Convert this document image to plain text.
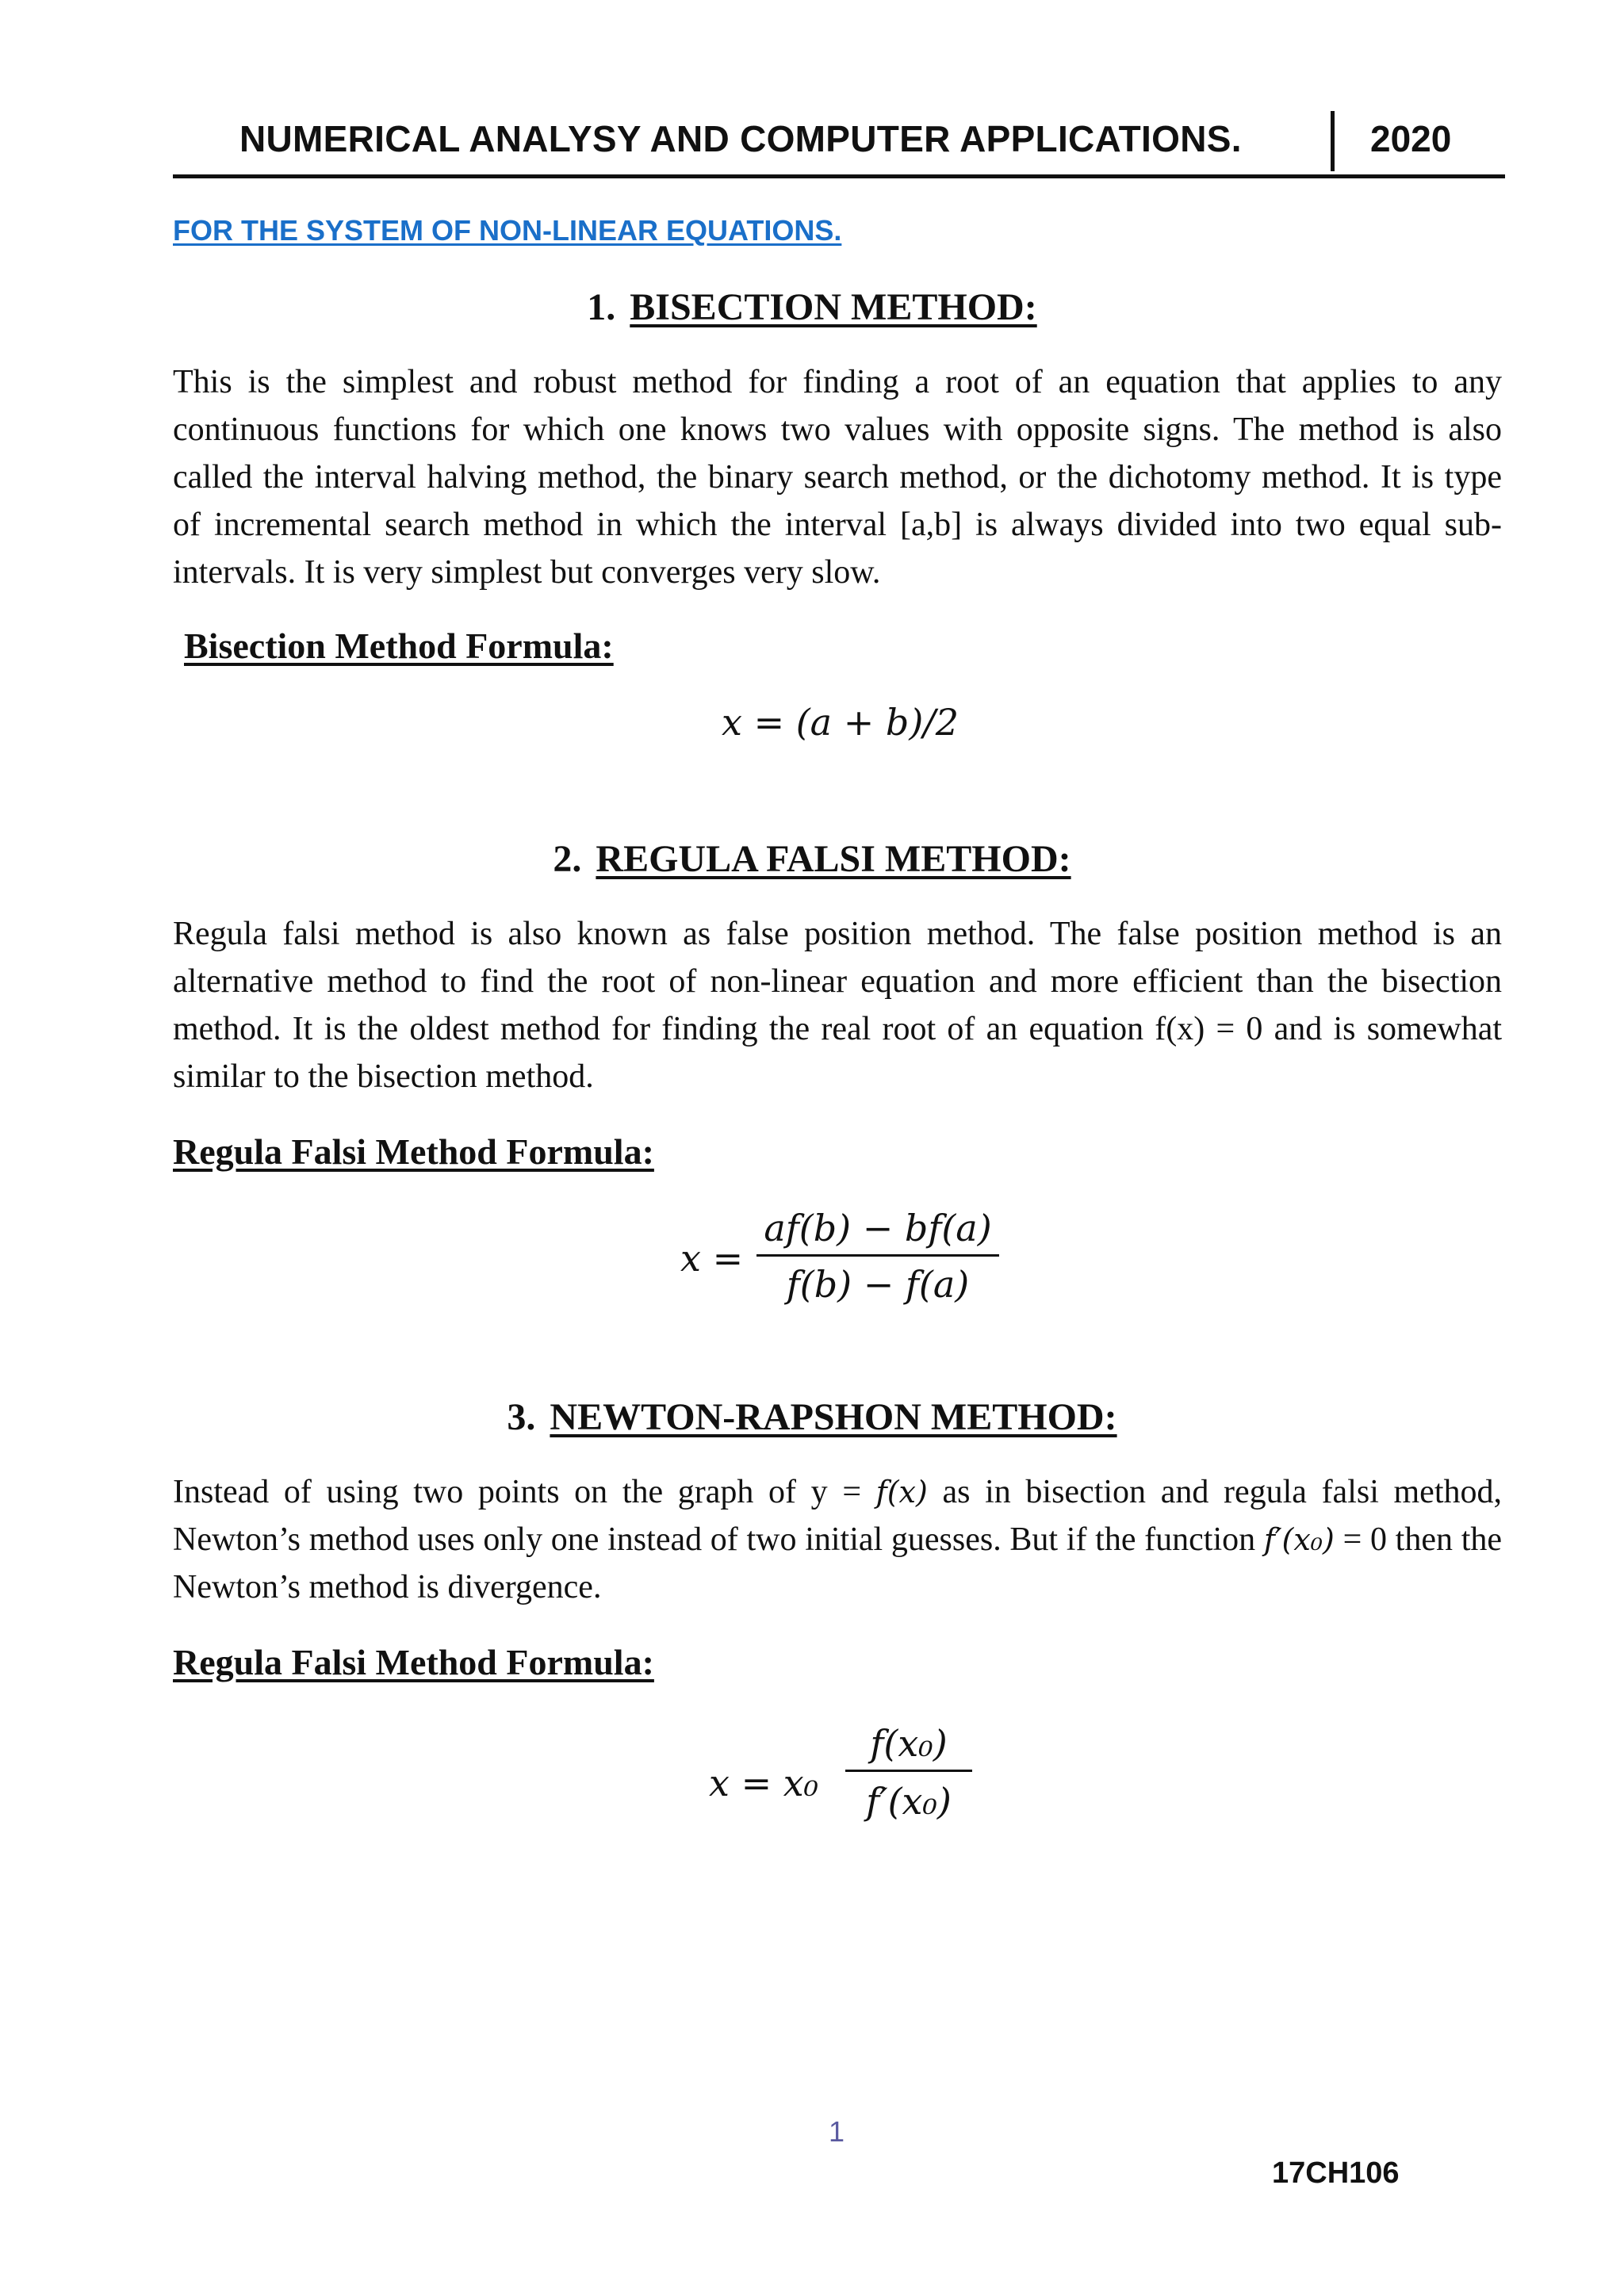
NUMERICAL ANALYSY AND COMPUTER APPLICATIONS.	2020
FOR THE SYSTEM OF NON-LINEAR EQUATIONS.
1. BISECTION METHOD:
This is the simplest and robust method for finding a root of an equation that applies to any continuous functions for which one knows two values with opposite signs. The method is also called the interval halving method, the binary search method, or the dichotomy method. It is type of incremental search method in which the interval [a,b] is always divided into two equal sub-intervals. It is very simplest but converges very slow.
Bisection Method Formula:
x = (a + b)/2
2. REGULA FALSI METHOD:
Regula falsi method is also known as false position method. The false position method is an alternative method to find the root of non-linear equation and more efficient than the bisection method. It is the oldest method for finding the real root of an equation f(x) = 0 and is somewhat similar to the bisection method.
Regula Falsi Method Formula:
x =
af(b) − bf(a)
f(b) − f(a)
3. NEWTON-RAPSHON METHOD:
Instead of using two points on the graph of y = f(x) as in bisection and regula falsi method, Newton’s method uses only one instead of two initial guesses. But if the function f′(x₀) = 0 then the Newton’s method is divergence.
Regula Falsi Method Formula:
x = x₀
f(x₀)
f′(x₀)
1
17CH106
